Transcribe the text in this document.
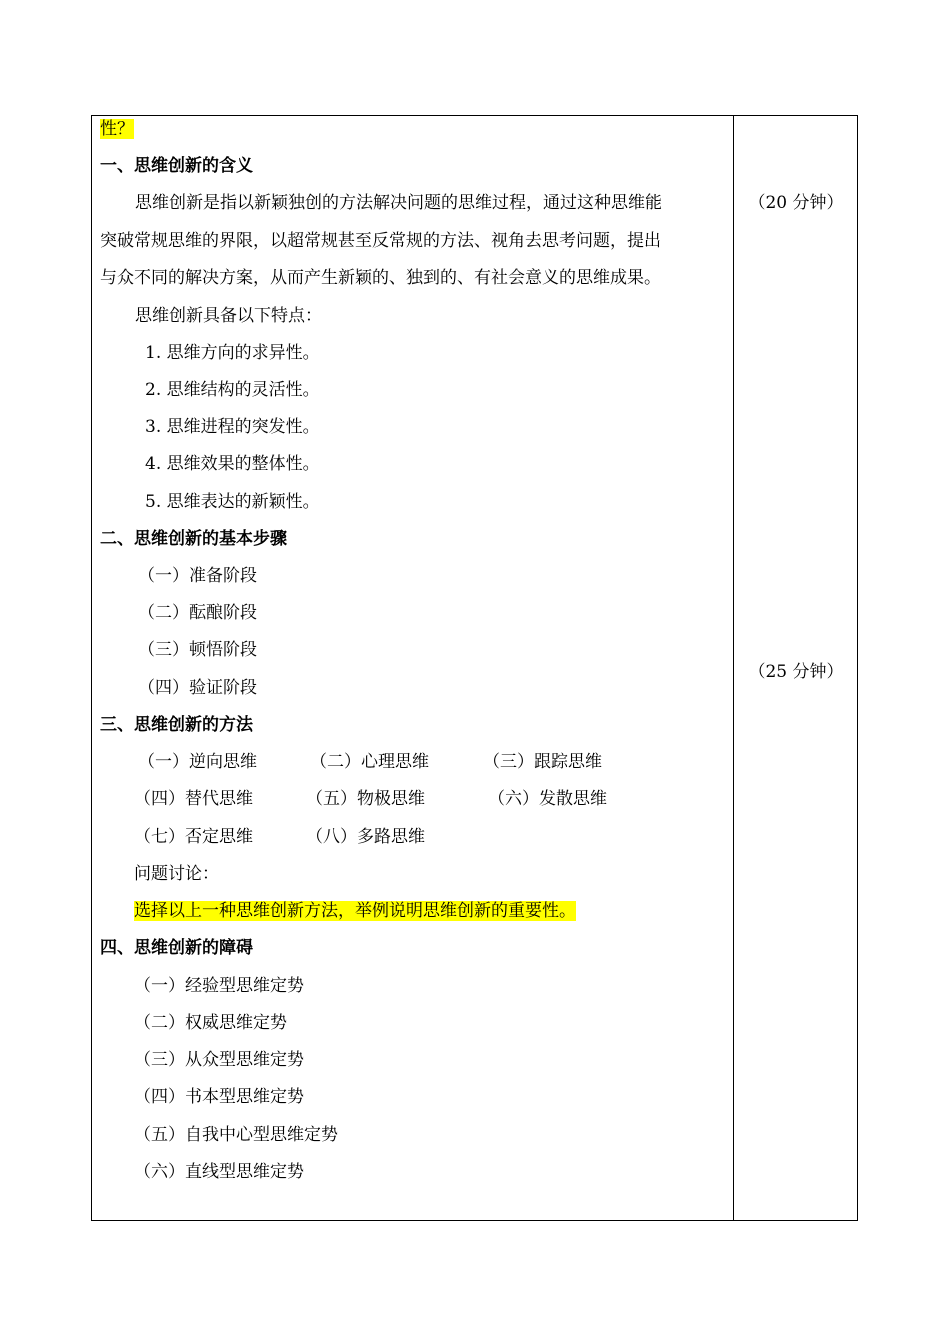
性？
一、思维创新的含义
思维创新是指以新颖独创的方法解决问题的思维过程，通过这种思维能
突破常规思维的界限，以超常规甚至反常规的方法、视角去思考问题，提出
与众不同的解决方案，从而产生新颖的、独到的、有社会意义的思维成果。
思维创新具备以下特点：
1. 思维方向的求异性。
2. 思维结构的灵活性。
3. 思维进程的突发性。
4. 思维效果的整体性。
5. 思维表达的新颖性。
二、思维创新的基本步骤
（一）准备阶段
（二）酝酿阶段
（三）顿悟阶段
（四）验证阶段
三、思维创新的方法
（一）逆向思维	（二）心理思维	（三）跟踪思维
（四）替代思维	（五）物极思维	（六）发散思维
（七）否定思维	（八）多路思维
问题讨论：
选择以上一种思维创新方法，举例说明思维创新的重要性。
四、思维创新的障碍
（一）经验型思维定势
（二）权威思维定势
（三）从众型思维定势
（四）书本型思维定势
（五）自我中心型思维定势
（六）直线型思维定势
（20 分钟）
（25 分钟）
